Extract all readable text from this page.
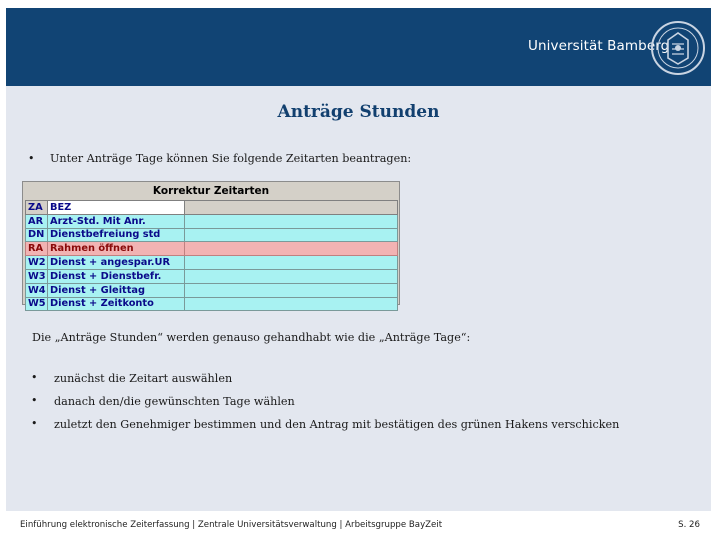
Universität Bamberg
Anträge Stunden
• Unter Anträge Tage können Sie folgende Zeitarten beantragen:
Korrektur Zeitarten
ZA	BEZ	
AR	Arzt-Std. Mit Anr.	
DN	Dienstbefreiung std	
RA	Rahmen öffnen	
W2	Dienst + angespar.UR	
W3	Dienst + Dienstbefr.	
W4	Dienst + Gleittag	
W5	Dienst + Zeitkonto	
Die „Anträge Stunden“ werden genauso gehandhabt wie die „Anträge Tage“:
• zunächst die Zeitart auswählen
• danach den/die gewünschten Tage wählen
• zuletzt den Genehmiger bestimmen und den Antrag mit bestätigen des grünen Hakens verschicken
Einführung elektronische Zeiterfassung | Zentrale Universitätsverwaltung | Arbeitsgruppe BayZeit	S. 26
